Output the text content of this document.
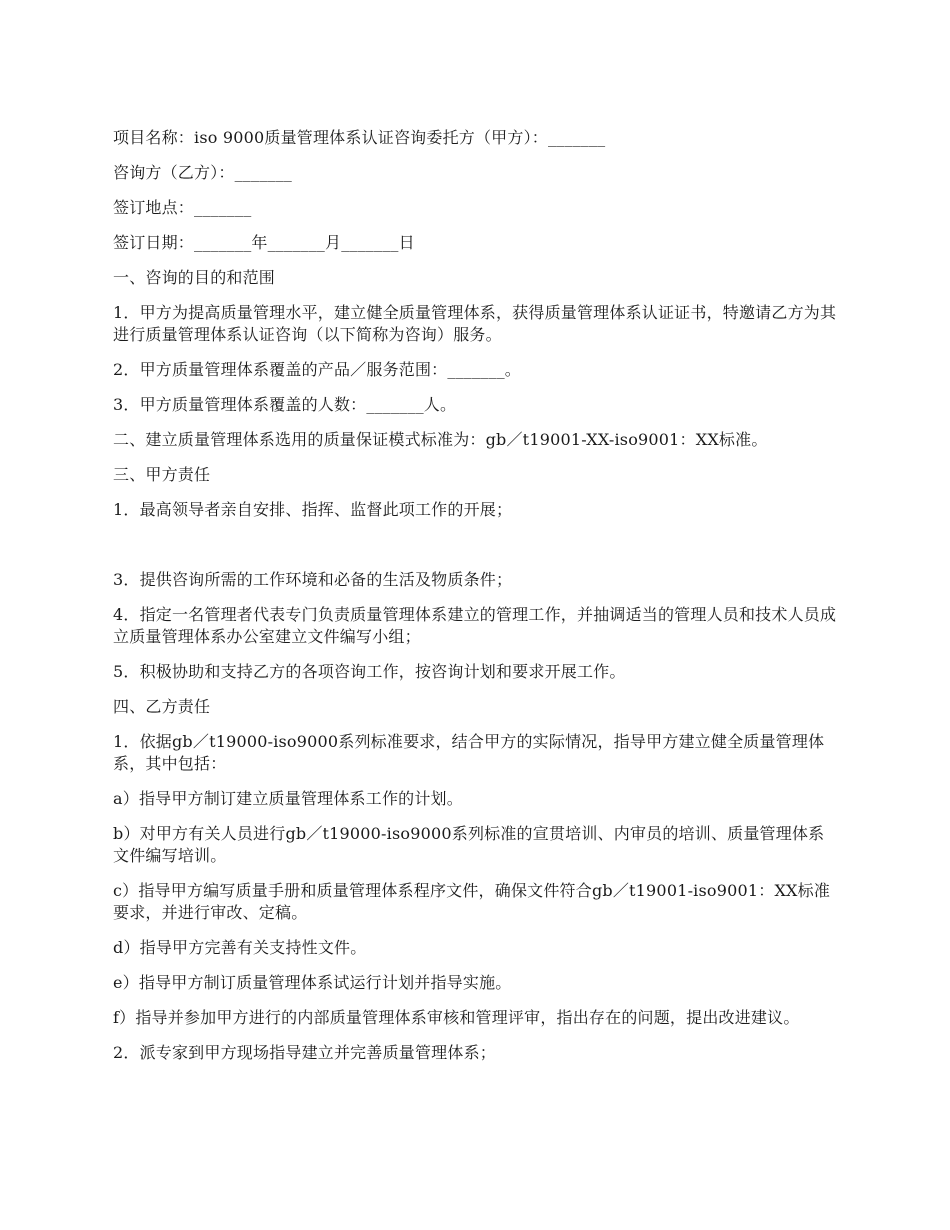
项目名称：iso 9000质量管理体系认证咨询委托方（甲方）：_______

咨询方（乙方）：_______

签订地点：_______

签订日期：_______年_______月_______日

一、咨询的目的和范围

1．甲方为提高质量管理水平，建立健全质量管理体系，获得质量管理体系认证证书，特邀请乙方为其进行质量管理体系认证咨询（以下简称为咨询）服务。

2．甲方质量管理体系覆盖的产品／服务范围：_______。

3．甲方质量管理体系覆盖的人数：_______人。

二、建立质量管理体系选用的质量保证模式标准为：gb／t19001-XX-iso9001：XX标准。

三、甲方责任

1．最高领导者亲自安排、指挥、监督此项工作的开展；

3．提供咨询所需的工作环境和必备的生活及物质条件；

4．指定一名管理者代表专门负责质量管理体系建立的管理工作，并抽调适当的管理人员和技术人员成立质量管理体系办公室建立文件编写小组；

5．积极协助和支持乙方的各项咨询工作，按咨询计划和要求开展工作。

四、乙方责任

1．依据gb／t19000-iso9000系列标准要求，结合甲方的实际情况，指导甲方建立健全质量管理体系，其中包括：

a）指导甲方制订建立质量管理体系工作的计划。

b）对甲方有关人员进行gb／t19000-iso9000系列标准的宣贯培训、内审员的培训、质量管理体系文件编写培训。

c）指导甲方编写质量手册和质量管理体系程序文件，确保文件符合gb／t19001-iso9001：XX标准要求，并进行审改、定稿。

d）指导甲方完善有关支持性文件。

e）指导甲方制订质量管理体系试运行计划并指导实施。

f）指导并参加甲方进行的内部质量管理体系审核和管理评审，指出存在的问题，提出改进建议。

2．派专家到甲方现场指导建立并完善质量管理体系；
